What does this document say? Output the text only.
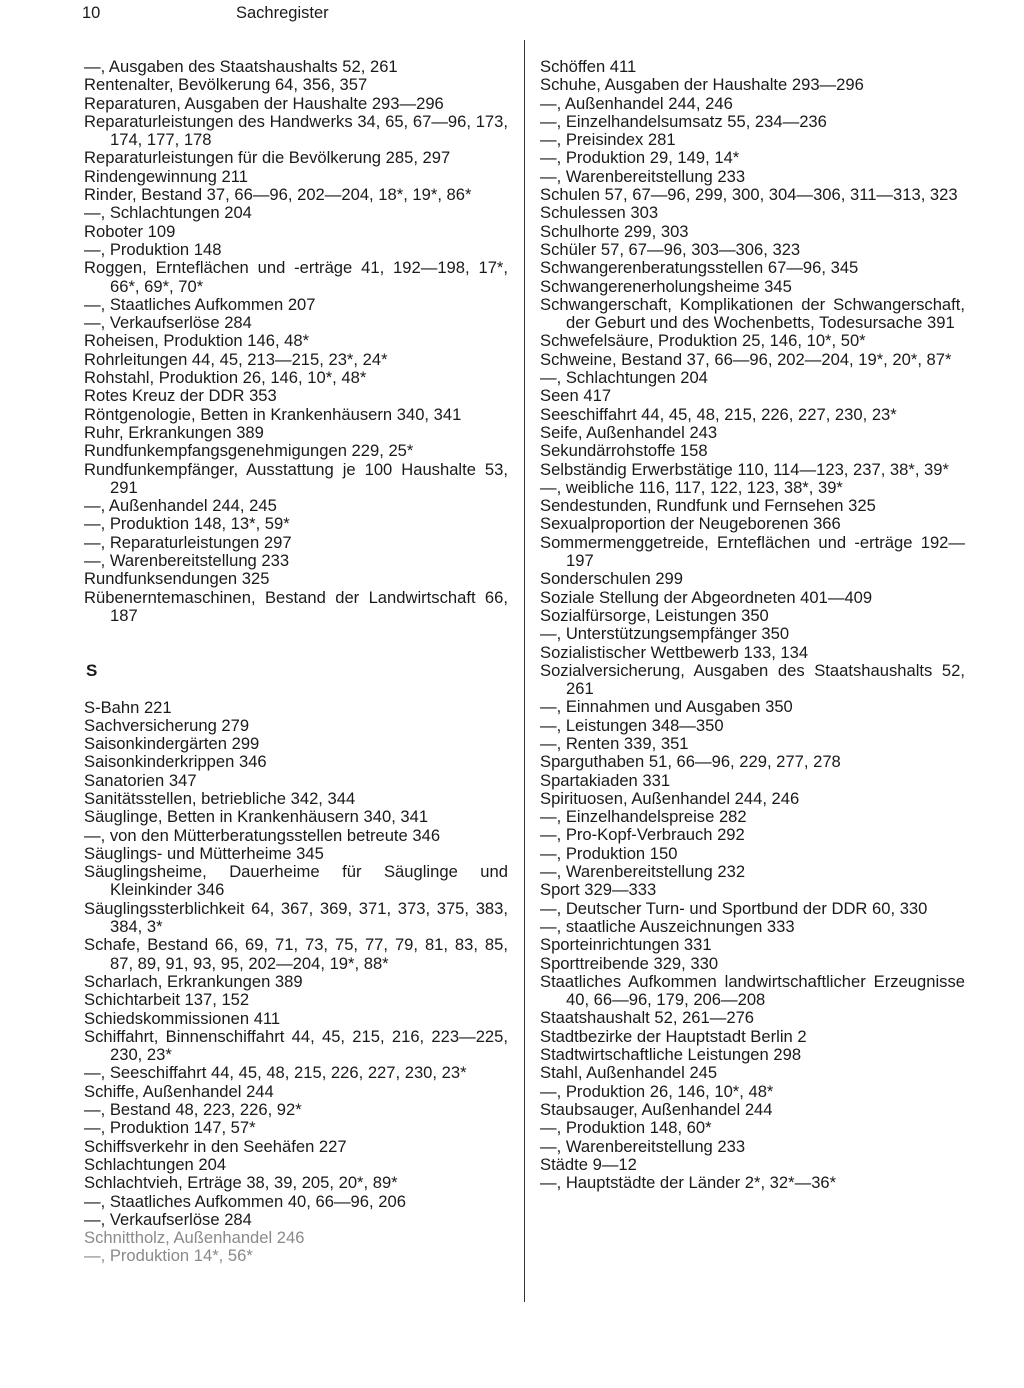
10	Sachregister
—, Ausgaben des Staatshaushalts 52, 261
Rentenalter, Bevölkerung 64, 356, 357
Reparaturen, Ausgaben der Haushalte 293—296
Reparaturleistungen des Handwerks 34, 65, 67—96, 173, 174, 177, 178
Reparaturleistungen für die Bevölkerung 285, 297
Rindengewinnung 211
Rinder, Bestand 37, 66—96, 202—204, 18*, 19*, 86*
—, Schlachtungen 204
Roboter 109
—, Produktion 148
Roggen, Ernteflächen und -erträge 41, 192—198, 17*, 66*, 69*, 70*
—, Staatliches Aufkommen 207
—, Verkaufserlöse 284
Roheisen, Produktion 146, 48*
Rohrleitungen 44, 45, 213—215, 23*, 24*
Rohstahl, Produktion 26, 146, 10*, 48*
Rotes Kreuz der DDR 353
Röntgenologie, Betten in Krankenhäusern 340, 341
Ruhr, Erkrankungen 389
Rundfunkempfangsgenehmigungen 229, 25*
Rundfunkempfänger, Ausstattung je 100 Haushalte 53, 291
—, Außenhandel 244, 245
—, Produktion 148, 13*, 59*
—, Reparaturleistungen 297
—, Warenbereitstellung 233
Rundfunksendungen 325
Rübenerntemaschinen, Bestand der Landwirtschaft 66, 187
S
S-Bahn 221
Sachversicherung 279
Saisonkindergärten 299
Saisonkinderkrippen 346
Sanatorien 347
Sanitätsstellen, betriebliche 342, 344
Säuglinge, Betten in Krankenhäusern 340, 341
—, von den Mütterberatungsstellen betreute 346
Säuglings- und Mütterheime 345
Säuglingsheime, Dauerheime für Säuglinge und Kleinkinder 346
Säuglingssterblichkeit 64, 367, 369, 371, 373, 375, 383, 384, 3*
Schafe, Bestand 66, 69, 71, 73, 75, 77, 79, 81, 83, 85, 87, 89, 91, 93, 95, 202—204, 19*, 88*
Scharlach, Erkrankungen 389
Schichtarbeit 137, 152
Schiedskommissionen 411
Schiffahrt, Binnenschiffahrt 44, 45, 215, 216, 223—225, 230, 23*
—, Seeschiffahrt 44, 45, 48, 215, 226, 227, 230, 23*
Schiffe, Außenhandel 244
—, Bestand 48, 223, 226, 92*
—, Produktion 147, 57*
Schiffsverkehr in den Seehäfen 227
Schlachtungen 204
Schlachtvieh, Erträge 38, 39, 205, 20*, 89*
—, Staatliches Aufkommen 40, 66—96, 206
—, Verkaufserlöse 284
Schnittholz, Außenhandel 246
—, Produktion 14*, 56*
Schöffen 411
Schuhe, Ausgaben der Haushalte 293—296
—, Außenhandel 244, 246
—, Einzelhandelsumsatz 55, 234—236
—, Preisindex 281
—, Produktion 29, 149, 14*
—, Warenbereitstellung 233
Schulen 57, 67—96, 299, 300, 304—306, 311—313, 323
Schulessen 303
Schulhorte 299, 303
Schüler 57, 67—96, 303—306, 323
Schwangerenberatungsstellen 67—96, 345
Schwangerenerholungsheime 345
Schwangerschaft, Komplikationen der Schwangerschaft, der Geburt und des Wochenbetts, Todesursache 391
Schwefelsäure, Produktion 25, 146, 10*, 50*
Schweine, Bestand 37, 66—96, 202—204, 19*, 20*, 87*
—, Schlachtungen 204
Seen 417
Seeschiffahrt 44, 45, 48, 215, 226, 227, 230, 23*
Seife, Außenhandel 243
Sekundärrohstoffe 158
Selbständig Erwerbstätige 110, 114—123, 237, 38*, 39*
—, weibliche 116, 117, 122, 123, 38*, 39*
Sendestunden, Rundfunk und Fernsehen 325
Sexualproportion der Neugeborenen 366
Sommermenggetreide, Ernteflächen und -erträge 192—197
Sonderschulen 299
Soziale Stellung der Abgeordneten 401—409
Sozialfürsorge, Leistungen 350
—, Unterstützungsempfänger 350
Sozialistischer Wettbewerb 133, 134
Sozialversicherung, Ausgaben des Staatshaushalts 52, 261
—, Einnahmen und Ausgaben 350
—, Leistungen 348—350
—, Renten 339, 351
Sparguthaben 51, 66—96, 229, 277, 278
Spartakiaden 331
Spirituosen, Außenhandel 244, 246
—, Einzelhandelspreise 282
—, Pro-Kopf-Verbrauch 292
—, Produktion 150
—, Warenbereitstellung 232
Sport 329—333
—, Deutscher Turn- und Sportbund der DDR 60, 330
—, staatliche Auszeichnungen 333
Sporteinrichtungen 331
Sporttreibende 329, 330
Staatliches Aufkommen landwirtschaftlicher Erzeugnisse 40, 66—96, 179, 206—208
Staatshaushalt 52, 261—276
Stadtbezirke der Hauptstadt Berlin 2
Stadtwirtschaftliche Leistungen 298
Stahl, Außenhandel 245
—, Produktion 26, 146, 10*, 48*
Staubsauger, Außenhandel 244
—, Produktion 148, 60*
—, Warenbereitstellung 233
Städte 9—12
—, Hauptstädte der Länder 2*, 32*—36*
